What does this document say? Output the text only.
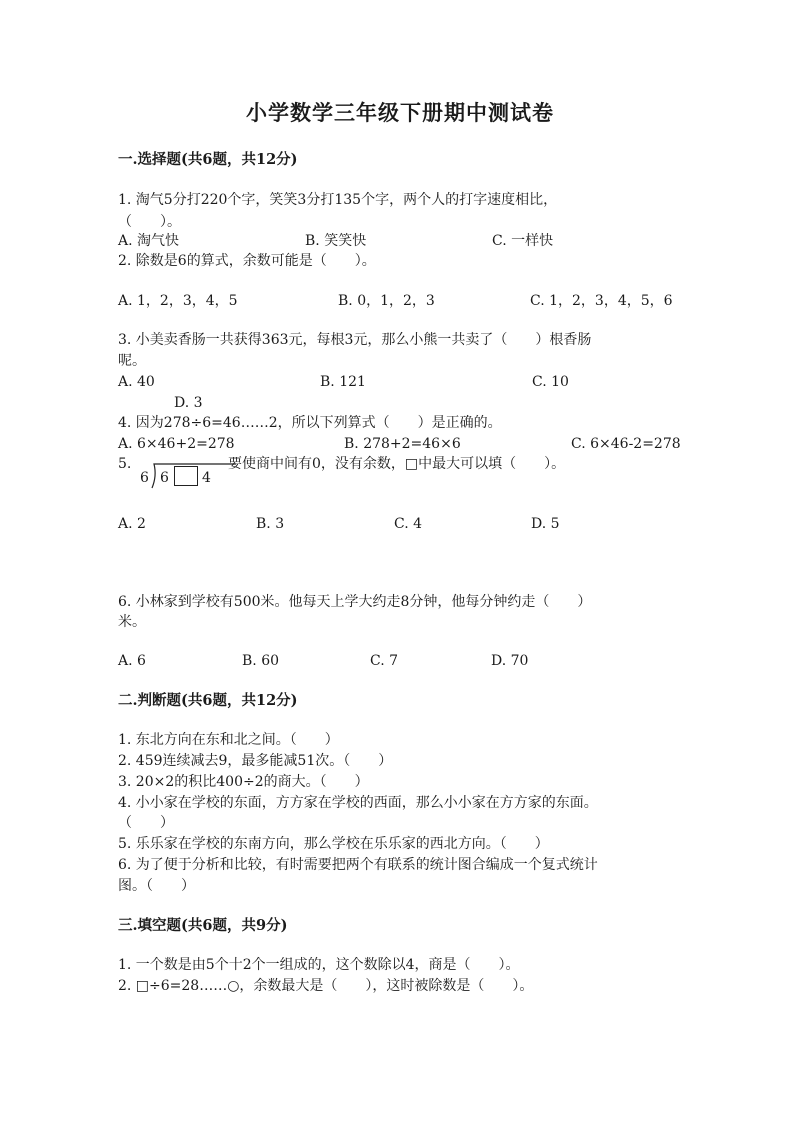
小学数学三年级下册期中测试卷
一.选择题(共6题，共12分)
1. 淘气5分打220个字，笑笑3分打135个字，两个人的打字速度相比，
（　　）。
A. 淘气快	B. 笑笑快	C. 一样快
2. 除数是6的算式，余数可能是（　　）。
A. 1，2，3，4，5	B. 0，1，2，3	C. 1，2，3，4，5，6
3. 小美卖香肠一共获得363元，每根3元，那么小熊一共卖了（　　）根香肠
呢。
A. 40	B. 121	C. 10
D. 3
4. 因为278÷6=46……2，所以下列算式（　　）是正确的。
A. 6×46+2=278	B. 278+2=46×6	C. 6×46-2=278
5.
6 6 4
要使商中间有0，没有余数，□中最大可以填（　　）。
A. 2	B. 3	C. 4	D. 5
6. 小林家到学校有500米。他每天上学大约走8分钟，他每分钟约走（　　）
米。
A. 6	B. 60	C. 7	D. 70
二.判断题(共6题，共12分)
1. 东北方向在东和北之间。（　　）
2. 459连续减去9，最多能减51次。（　　）
3. 20×2的积比400÷2的商大。（　　）
4. 小小家在学校的东面，方方家在学校的西面，那么小小家在方方家的东面。
（　　）
5. 乐乐家在学校的东南方向，那么学校在乐乐家的西北方向。（　　）
6. 为了便于分析和比较，有时需要把两个有联系的统计图合编成一个复式统计
图。（　　）
三.填空题(共6题，共9分)
1. 一个数是由5个十2个一组成的，这个数除以4，商是（　　）。
2. □÷6=28……○，余数最大是（　　），这时被除数是（　　）。
